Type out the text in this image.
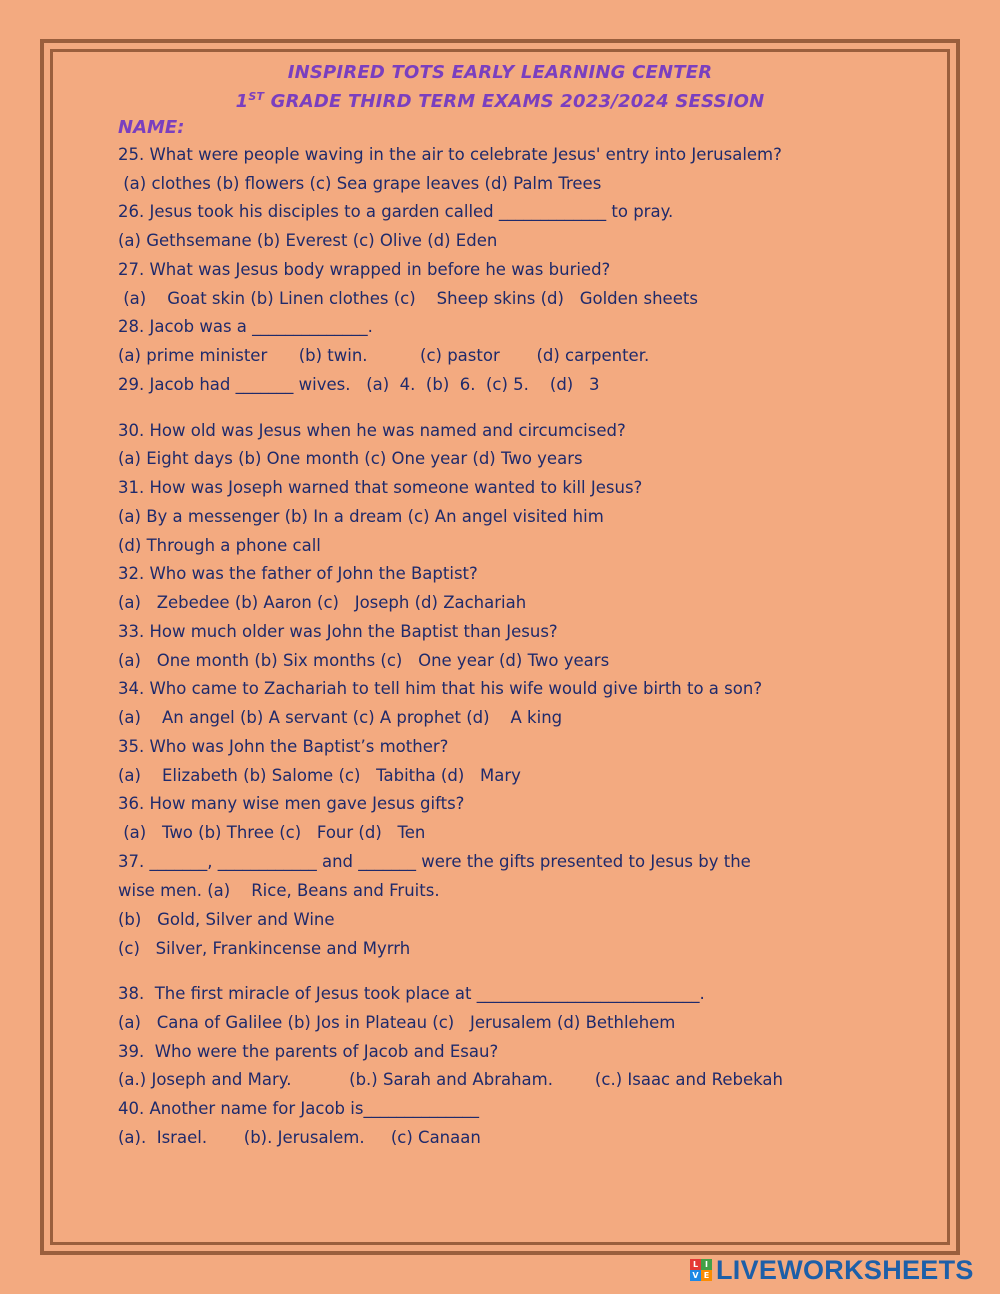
INSPIRED TOTS EARLY LEARNING CENTER
1ST GRADE THIRD TERM EXAMS 2023/2024 SESSION
NAME:
25. What were people waving in the air to celebrate Jesus' entry into Jerusalem?
(a) clothes (b) flowers (c) Sea grape leaves (d) Palm Trees
26. Jesus took his disciples to a garden called _____________ to pray.
(a) Gethsemane (b) Everest (c) Olive (d) Eden
27. What was Jesus body wrapped in before he was buried?
(a)    Goat skin (b) Linen clothes (c)    Sheep skins (d)   Golden sheets
28. Jacob was a ______________.
(a) prime minister      (b) twin.          (c) pastor       (d) carpenter.
29. Jacob had _______ wives.   (a)  4.  (b)  6.  (c) 5.    (d)   3
30. How old was Jesus when he was named and circumcised?
(a) Eight days (b) One month (c) One year (d) Two years
31. How was Joseph warned that someone wanted to kill Jesus?
(a) By a messenger (b) In a dream (c) An angel visited him
(d) Through a phone call
32. Who was the father of John the Baptist?
(a)   Zebedee (b) Aaron (c)   Joseph (d) Zachariah
33. How much older was John the Baptist than Jesus?
(a)   One month (b) Six months (c)   One year (d) Two years
34. Who came to Zachariah to tell him that his wife would give birth to a son?
(a)    An angel (b) A servant (c) A prophet (d)    A king
35. Who was John the Baptist’s mother?
(a)    Elizabeth (b) Salome (c)   Tabitha (d)   Mary
36. How many wise men gave Jesus gifts?
(a)   Two (b) Three (c)   Four (d)   Ten
37. _______, ____________ and _______ were the gifts presented to Jesus by the
wise men. (a)    Rice, Beans and Fruits.
(b)   Gold, Silver and Wine
(c)   Silver, Frankincense and Myrrh
38.  The first miracle of Jesus took place at ___________________________.
(a)   Cana of Galilee (b) Jos in Plateau (c)   Jerusalem (d) Bethlehem
39.  Who were the parents of Jacob and Esau?
(a.) Joseph and Mary.           (b.) Sarah and Abraham.        (c.) Isaac and Rebekah
40. Another name for Jacob is______________
(a).  Israel.       (b). Jerusalem.     (c) Canaan
L I
V E LIVEWORKSHEETS
